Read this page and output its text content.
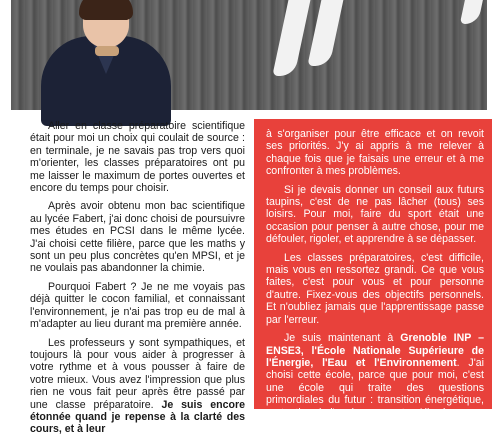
Aller en classe préparatoire scientifique était pour moi un choix qui coulait de source : en terminale, je ne savais pas trop vers quoi m'orienter, les classes préparatoires ont pu me laisser le maximum de portes ouvertes et encore du temps pour choisir.

Après avoir obtenu mon bac scientifique au lycée Fabert, j'ai donc choisi de poursuivre mes études en PCSI dans le même lycée. J'ai choisi cette filière, parce que les maths y sont un peu plus concrètes qu'en MPSI, et je ne voulais pas abandonner la chimie.

Pourquoi Fabert ? Je ne me voyais pas déjà quitter le cocon familial, et connaissant l'environnement, je n'ai pas trop eu de mal à m'adapter au lieu durant ma première année.

Les professeurs y sont sympathiques, et toujours là pour vous aider à progresser à votre rythme et à vous pousser à faire de votre mieux. Vous avez l'impression que plus rien ne vous fait peur après être passé par une classe préparatoire. Je suis encore étonnée quand je repense à la clarté des cours, et à leur

à s'organiser pour être efficace et on revoit ses priorités. J'y ai appris à me relever à chaque fois que je faisais une erreur et à me confronter à mes problèmes.

Si je devais donner un conseil aux futurs taupins, c'est de ne pas lâcher (tous) ses loisirs. Pour moi, faire du sport était une occasion pour penser à autre chose, pour me défouler, rigoler, et apprendre à se dépasser.

Les classes préparatoires, c'est difficile, mais vous en ressortez grandi. Ce que vous faites, c'est pour vous et pour personne d'autre. Fixez-vous des objectifs personnels. Et n'oubliez jamais que l'apprentissage passe par l'erreur.

Je suis maintenant à Grenoble INP – ENSE3, l'École Nationale Supérieure de l'Énergie, l'Eau et l'Environnement. J'ai choisi cette école, parce que pour moi, c'est une école qui traite des questions primordiales du futur : transition énergétique, protection de l'environnement… Aller à
